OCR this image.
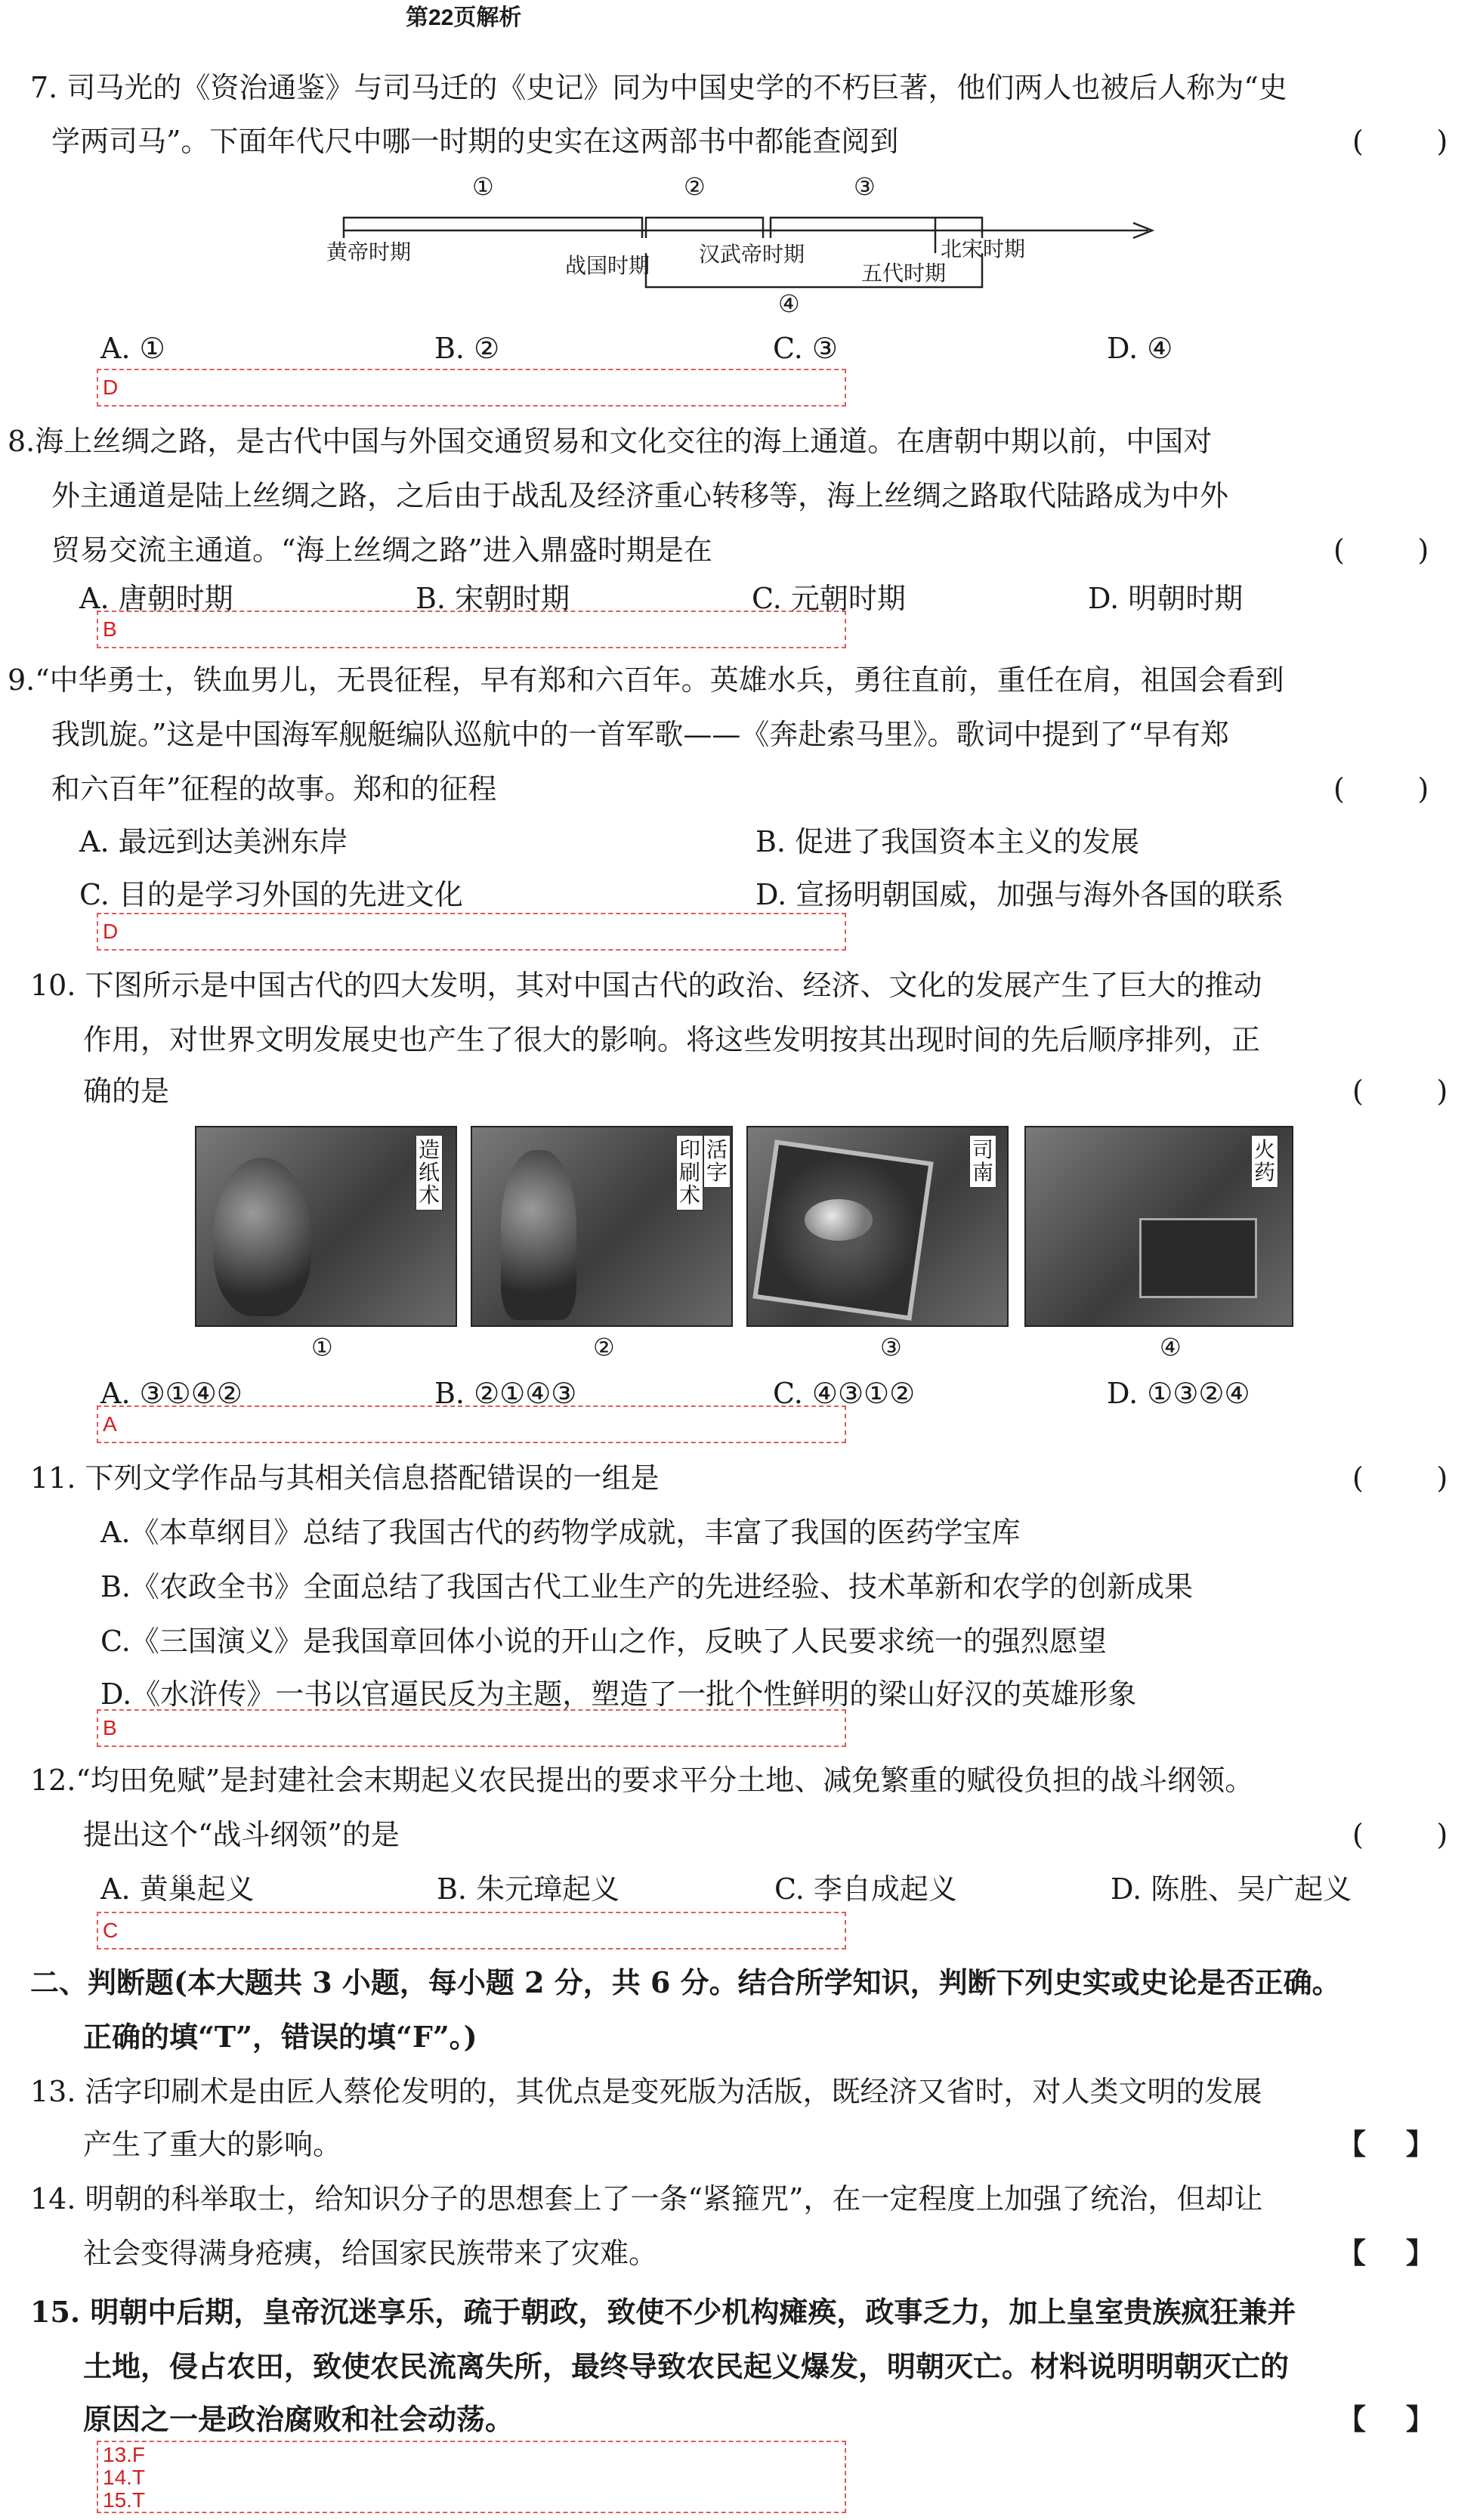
第22页解析
7. 司马光的《资治通鉴》与司马迁的《史记》同为中国史学的不朽巨著，他们两人也被后人称为“史
学两司马”。下面年代尺中哪一时期的史实在这两部书中都能查阅到	(        )
①	②	③
④
黄帝时期
战国时期 汉武帝时期
五代时期
北宋时期
A. ①	B. ②	C. ③	D. ④
D
8.海上丝绸之路，是古代中国与外国交通贸易和文化交往的海上通道。在唐朝中期以前，中国对
外主通道是陆上丝绸之路，之后由于战乱及经济重心转移等，海上丝绸之路取代陆路成为中外
贸易交流主通道。“海上丝绸之路”进入鼎盛时期是在	(        )
A. 唐朝时期	B. 宋朝时期	C. 元朝时期	D. 明朝时期
B
9.“中华勇士，铁血男儿，无畏征程，早有郑和六百年。英雄水兵，勇往直前，重任在肩，祖国会看到
我凯旋。”这是中国海军舰艇编队巡航中的一首军歌——《奔赴索马里》。歌词中提到了“早有郑
和六百年”征程的故事。郑和的征程	(        )
A. 最远到达美洲东岸	B. 促进了我国资本主义的发展
C. 目的是学习外国的先进文化	D. 宣扬明朝国威，加强与海外各国的联系
D
10. 下图所示是中国古代的四大发明，其对中国古代的政治、经济、文化的发展产生了巨大的推动
作用，对世界文明发展史也产生了很大的影响。将这些发明按其出现时间的先后顺序排列，正
确的是	(        )
造纸术
印刷术
活字
司南
火药
①	②	③	④
A. ③①④②	B. ②①④③	C. ④③①②	D. ①③②④
A
11. 下列文学作品与其相关信息搭配错误的一组是	(        )
A.《本草纲目》总结了我国古代的药物学成就，丰富了我国的医药学宝库
B.《农政全书》全面总结了我国古代工业生产的先进经验、技术革新和农学的创新成果
C.《三国演义》是我国章回体小说的开山之作，反映了人民要求统一的强烈愿望
D.《水浒传》一书以官逼民反为主题，塑造了一批个性鲜明的梁山好汉的英雄形象
B
12.“均田免赋”是封建社会末期起义农民提出的要求平分土地、减免繁重的赋役负担的战斗纲领。
提出这个“战斗纲领”的是	(        )
A. 黄巢起义	B. 朱元璋起义	C. 李自成起义	D. 陈胜、吴广起义
C
二、判断题(本大题共 3 小题，每小题 2 分，共 6 分。结合所学知识，判断下列史实或史论是否正确。
正确的填“T”，错误的填“F”。)
13. 活字印刷术是由匠人蔡伦发明的，其优点是变死版为活版，既经济又省时，对人类文明的发展
产生了重大的影响。	【    】
14. 明朝的科举取士，给知识分子的思想套上了一条“紧箍咒”，在一定程度上加强了统治，但却让
社会变得满身疮痍，给国家民族带来了灾难。	【    】
15. 明朝中后期，皇帝沉迷享乐，疏于朝政，致使不少机构瘫痪，政事乏力，加上皇室贵族疯狂兼并
土地，侵占农田，致使农民流离失所，最终导致农民起义爆发，明朝灭亡。材料说明明朝灭亡的
原因之一是政治腐败和社会动荡。	【    】
13.F
14.T
15.T
